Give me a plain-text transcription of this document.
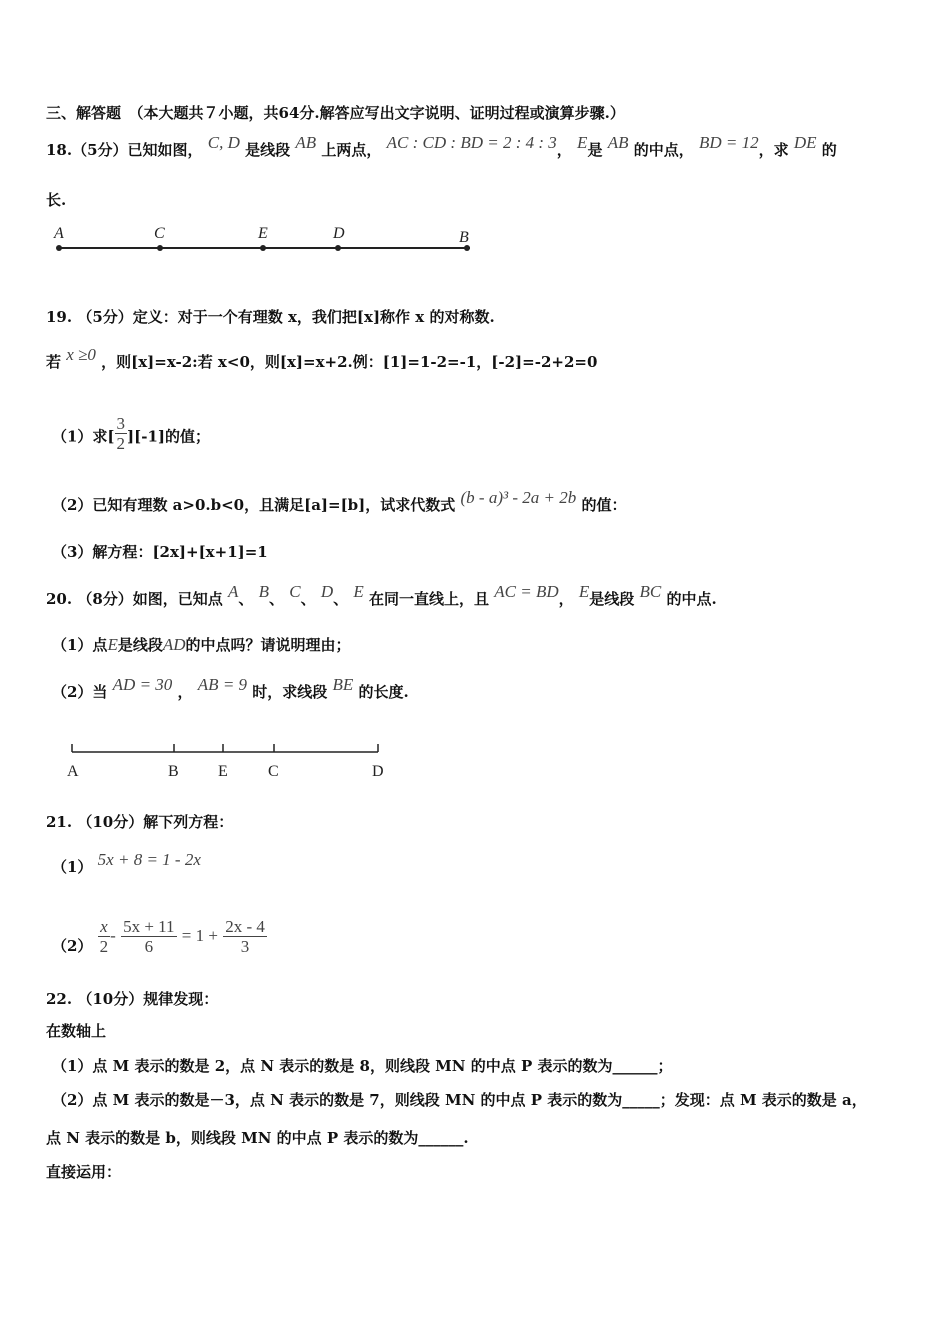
三、解答题　（本大题共７小题，共64分.解答应写出文字说明、证明过程或演算步骤.）
18.（5分）已知如图， C, D 是线段 AB 上两点， AC : CD : BD = 2 : 4 : 3， E是 AB 的中点， BD = 12，求 DE 的
长.
A	C	E	D	B
19. （5分）定义：对于一个有理数 x，我们把[x]称作 x 的对称数.
若 x ≥0 ，则[x]=x-2:若 x<0，则[x]=x+2.例：[1]=1-2=-1，[-2]=-2+2=0
（1）求[ $\frac{3}{2} ][-1]$的值；
（2）已知有理数 a>0.b<0，且满足[a]=[b]，试求代数式 (b - a)³ - 2a + 2b 的值：
（3）解方程：[2x]+[x+1]=1
20. （8分）如图，已知点 A、 B、 C、 D、 E 在同一直线上，且 AC = BD， E是线段 BC 的中点.
（1）点E是线段AD的中点吗？请说明理由；
（2）当 AD = 30 ， AB = 9 时，求线段 BE 的长度.
A	B E	C	D
21. （10分）解下列方程：
（1） 5x + 8 = 1 - 2x
$(2) \frac{x}{2} - \frac{5x + 11}{6} = 1 + \frac{2x - 4}{3}$
22. （10分）规律发现：
在数轴上
（1）点 M 表示的数是 2，点 N 表示的数是 8，则线段 MN 的中点 P 表示的数为______；
（2）点 M 表示的数是－3，点 N 表示的数是 7，则线段 MN 的中点 P 表示的数为_____；发现：点 M 表示的数是 a，
点 N 表示的数是 b，则线段 MN 的中点 P 表示的数为______.
直接运用：
